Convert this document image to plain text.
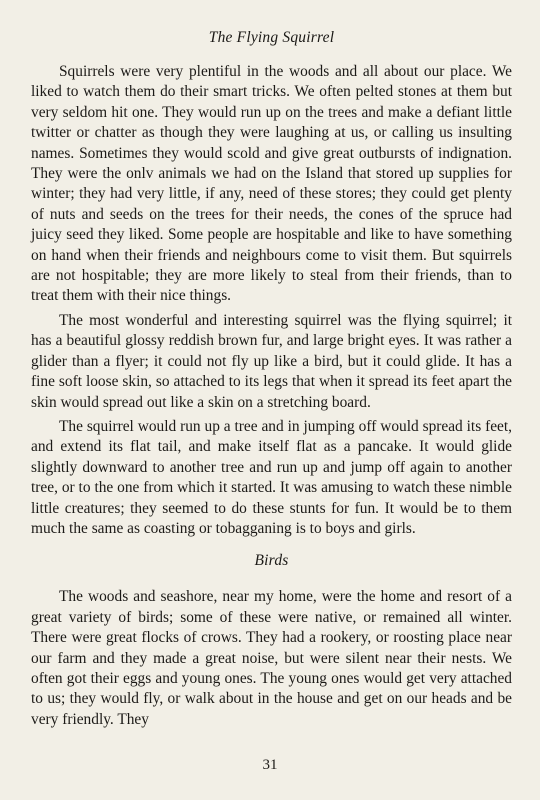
The Flying Squirrel

Squirrels were very plentiful in the woods and all about our place. We liked to watch them do their smart tricks. We often pelted stones at them but very seldom hit one. They would run up on the trees and make a defiant little twitter or chatter as though they were laughing at us, or calling us insulting names. Sometimes they would scold and give great outbursts of indignation. They were the onlv animals we had on the Island that stored up supplies for winter; they had very little, if any, need of these stores; they could get plenty of nuts and seeds on the trees for their needs, the cones of the spruce had juicy seed they liked. Some people are hospitable and like to have something on hand when their friends and neighbours come to visit them. But squirrels are not hospitable; they are more likely to steal from their friends, than to treat them with their nice things.

The most wonderful and interesting squirrel was the flying squirrel; it has a beautiful glossy reddish brown fur, and large bright eyes. It was rather a glider than a flyer; it could not fly up like a bird, but it could glide. It has a fine soft loose skin, so attached to its legs that when it spread its feet apart the skin would spread out like a skin on a stretching board.

The squirrel would run up a tree and in jumping off would spread its feet, and extend its flat tail, and make itself flat as a pancake. It would glide slightly downward to another tree and run up and jump off again to another tree, or to the one from which it started. It was amusing to watch these nimble little creatures; they seemed to do these stunts for fun. It would be to them much the same as coasting or tobagganing is to boys and girls.

Birds

The woods and seashore, near my home, were the home and resort of a great variety of birds; some of these were native, or remained all winter. There were great flocks of crows. They had a rookery, or roosting place near our farm and they made a great noise, but were silent near their nests. We often got their eggs and young ones. The young ones would get very attached to us; they would fly, or walk about in the house and get on our heads and be very friendly. They

31
